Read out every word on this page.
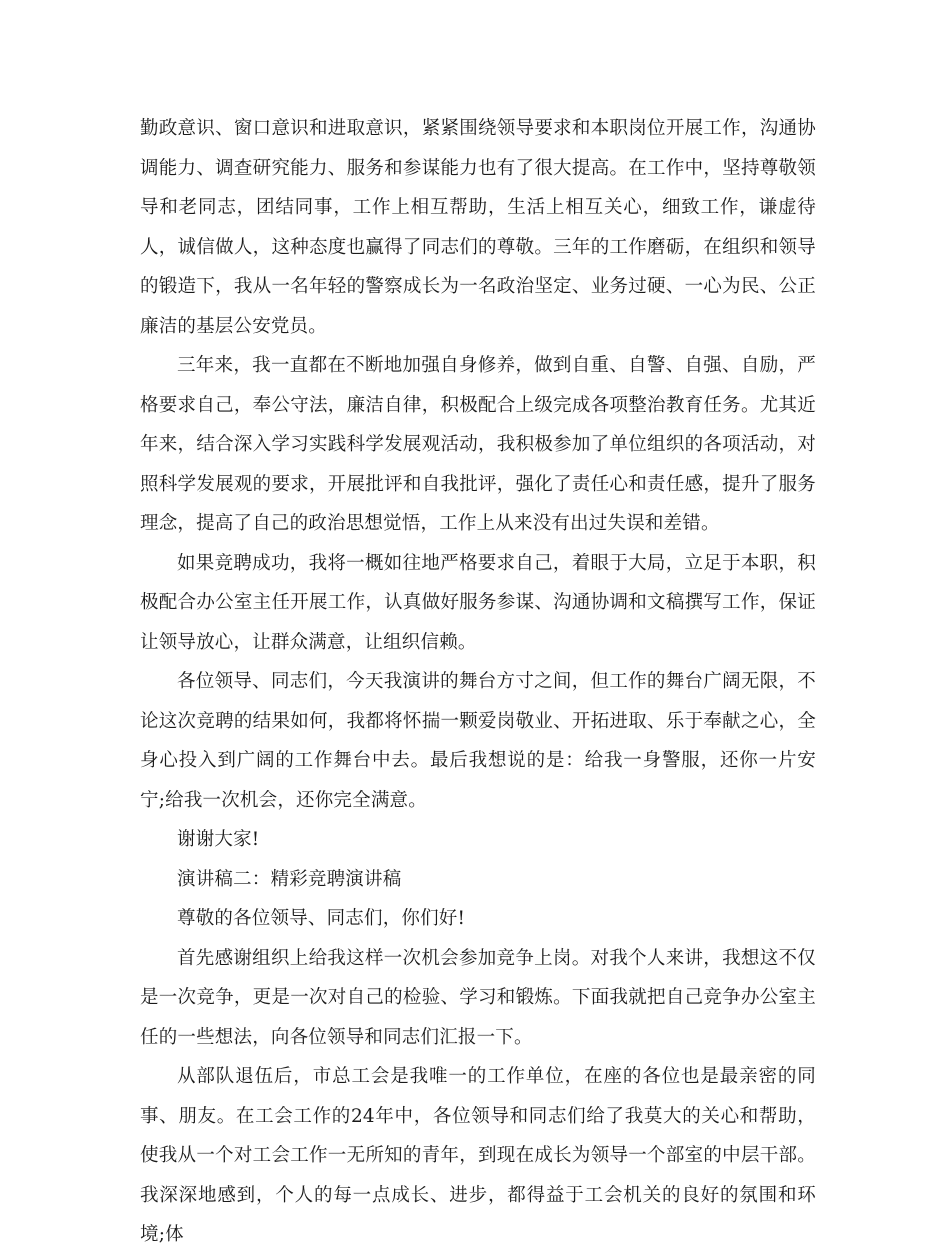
勤政意识、窗口意识和进取意识，紧紧围绕领导要求和本职岗位开展工作，沟通协调能力、调查研究能力、服务和参谋能力也有了很大提高。在工作中，坚持尊敬领导和老同志，团结同事，工作上相互帮助，生活上相互关心，细致工作，谦虚待人，诚信做人，这种态度也赢得了同志们的尊敬。三年的工作磨砺，在组织和领导的锻造下，我从一名年轻的警察成长为一名政治坚定、业务过硬、一心为民、公正廉洁的基层公安党员。

三年来，我一直都在不断地加强自身修养，做到自重、自警、自强、自励，严格要求自己，奉公守法，廉洁自律，积极配合上级完成各项整治教育任务。尤其近年来，结合深入学习实践科学发展观活动，我积极参加了单位组织的各项活动，对照科学发展观的要求，开展批评和自我批评，强化了责任心和责任感，提升了服务理念，提高了自己的政治思想觉悟，工作上从来没有出过失误和差错。

如果竞聘成功，我将一概如往地严格要求自己，着眼于大局，立足于本职，积极配合办公室主任开展工作，认真做好服务参谋、沟通协调和文稿撰写工作，保证让领导放心，让群众满意，让组织信赖。

各位领导、同志们，今天我演讲的舞台方寸之间，但工作的舞台广阔无限，不论这次竞聘的结果如何，我都将怀揣一颗爱岗敬业、开拓进取、乐于奉献之心，全身心投入到广阔的工作舞台中去。最后我想说的是：给我一身警服，还你一片安宁;给我一次机会，还你完全满意。

谢谢大家!

演讲稿二：精彩竞聘演讲稿

尊敬的各位领导、同志们，你们好!

首先感谢组织上给我这样一次机会参加竞争上岗。对我个人来讲，我想这不仅是一次竞争，更是一次对自己的检验、学习和锻炼。下面我就把自己竞争办公室主任的一些想法，向各位领导和同志们汇报一下。

从部队退伍后，市总工会是我唯一的工作单位，在座的各位也是最亲密的同事、朋友。在工会工作的24年中，各位领导和同志们给了我莫大的关心和帮助，使我从一个对工会工作一无所知的青年，到现在成长为领导一个部室的中层干部。我深深地感到，个人的每一点成长、进步，都得益于工会机关的良好的氛围和环境;体
